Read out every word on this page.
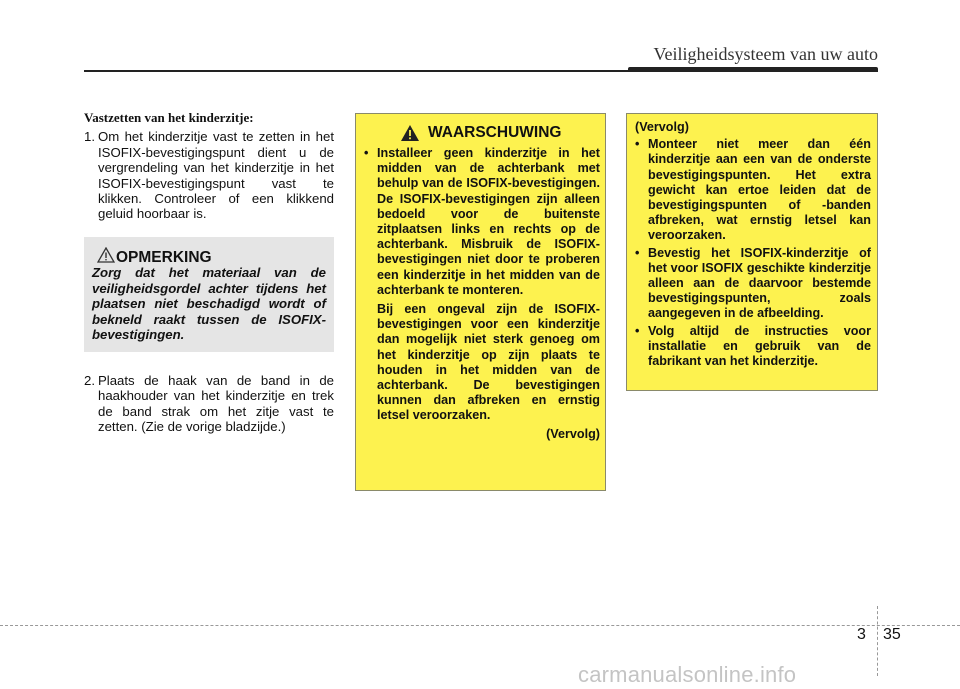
Veiligheidsysteem van uw auto
Vastzetten van het kinderzitje:
1. Om het kinderzitje vast te zetten in het ISOFIX-bevestigingspunt dient u de vergrendeling van het kinderzitje in het ISOFIX-bevestigingspunt vast te klikken. Controleer of een klikkend geluid hoorbaar is.
OPMERKING
Zorg dat het materiaal van de veiligheidsgordel achter tijdens het plaatsen niet beschadigd wordt of bekneld raakt tussen de ISOFIX-bevestigingen.
2. Plaats de haak van de band in de haakhouder van het kinderzitje en trek de band strak om het zitje vast te zetten. (Zie de vorige bladzijde.)
WAARSCHUWING
• Installeer geen kinderzitje in het midden van de achterbank met behulp van de ISOFIX-bevestigingen. De ISOFIX-bevestigingen zijn alleen bedoeld voor de buitenste zitplaatsen links en rechts op de achterbank. Misbruik de ISOFIX-bevestigingen niet door te proberen een kinderzitje in het midden van de achterbank te monteren.
Bij een ongeval zijn de ISOFIX-bevestigingen voor een kinderzitje dan mogelijk niet sterk genoeg om het kinderzitje op zijn plaats te houden in het midden van de achterbank. De bevestigingen kunnen dan afbreken en ernstig letsel veroorzaken.
(Vervolg)
(Vervolg)
• Monteer niet meer dan één kinderzitje aan een van de onderste bevestigingspunten. Het extra gewicht kan ertoe leiden dat de bevestigingspunten of -banden afbreken, wat ernstig letsel kan veroorzaken.
• Bevestig het ISOFIX-kinderzitje of het voor ISOFIX geschikte kinderzitje alleen aan de daarvoor bestemde bevestigingspunten, zoals aangegeven in de afbeelding.
• Volg altijd de instructies voor installatie en gebruik van de fabrikant van het kinderzitje.
3 35
carmanualsonline.info
